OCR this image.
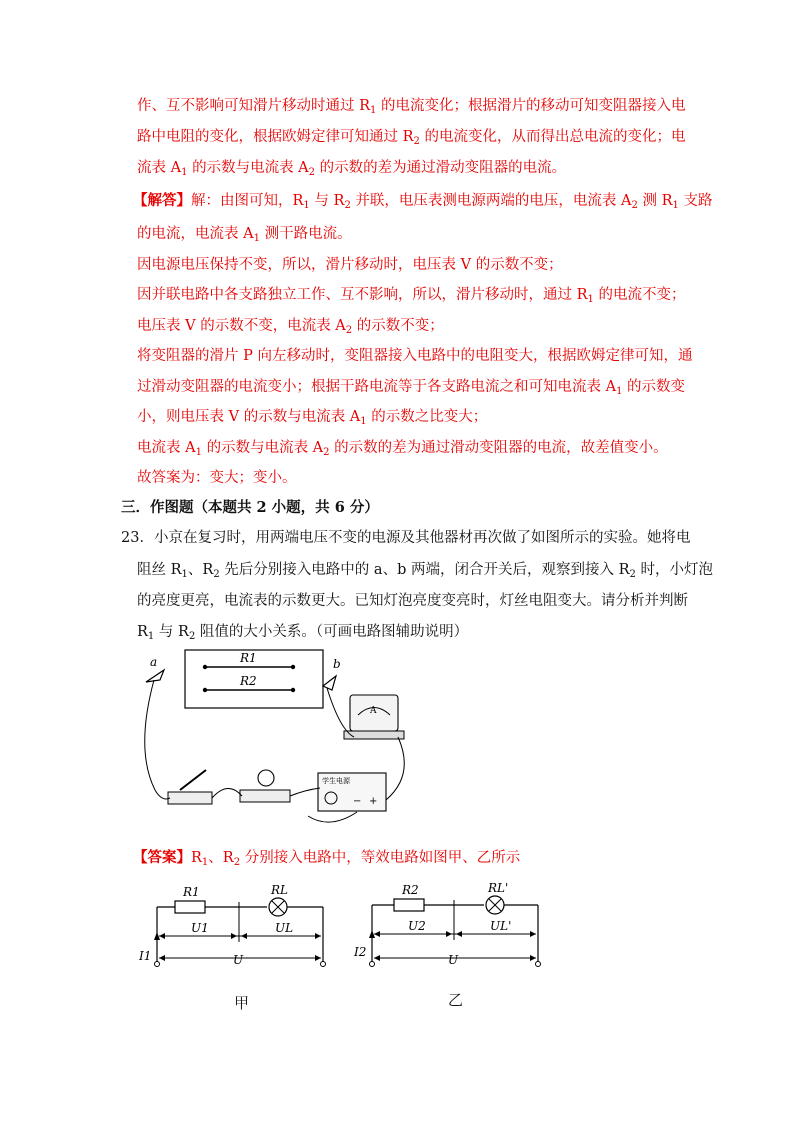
作、互不影响可知滑片移动时通过 $R_1$ 的电流变化；根据滑片的移动可知变阻器接入电
路中电阻的变化，根据欧姆定律可知通过 $R_2$ 的电流变化，从而得出总电流的变化；电
流表 $A_1$ 的示数与电流表 $A_2$ 的示数的差为通过滑动变阻器的电流。
【解答】解：由图可知，$R_1$ 与 $R_2$ 并联，电压表测电源两端的电压，电流表 $A_2$ 测 $R_1$ 支路
的电流，电流表 $A_1$ 测干路电流。
因电源电压保持不变，所以，滑片移动时，电压表 V 的示数不变；
因并联电路中各支路独立工作、互不影响，所以，滑片移动时，通过 $R_1$ 的电流不变；
电压表 V 的示数不变，电流表 $A_2$ 的示数不变；
将变阻器的滑片 P 向左移动时，变阻器接入电路中的电阻变大，根据欧姆定律可知，通
过滑动变阻器的电流变小；根据干路电流等于各支路电流之和可知电流表 $A_1$ 的示数变
小，则电压表 V 的示数与电流表 $A_1$ 的示数之比变大；
电流表 $A_1$ 的示数与电流表 $A_2$ 的示数的差为通过滑动变阻器的电流，故差值变小。
故答案为：变大；变小。
三．作图题（本题共 2 小题，共 6 分）
23．小京在复习时，用两端电压不变的电源及其他器材再次做了如图所示的实验。她将电
阻丝 $R_1$、$R_2$ 先后分别接入电路中的 a、b 两端，闭合开关后，观察到接入 $R_2$ 时，小灯泡
的亮度更亮，电流表的示数更大。已知灯泡亮度变亮时，灯丝电阻变大。请分析并判断
$R_1$ 与 $R_2$ 阻值的大小关系。（可画电路图辅助说明）
R1
R2
a	b
A
学生电源
− +
【答案】$R_1$、$R_2$ 分别接入电路中，等效电路如图甲、乙所示
R1	RL
U1	UL
I1	U
甲
R2	RL'
U2	UL'
I2
U
乙
